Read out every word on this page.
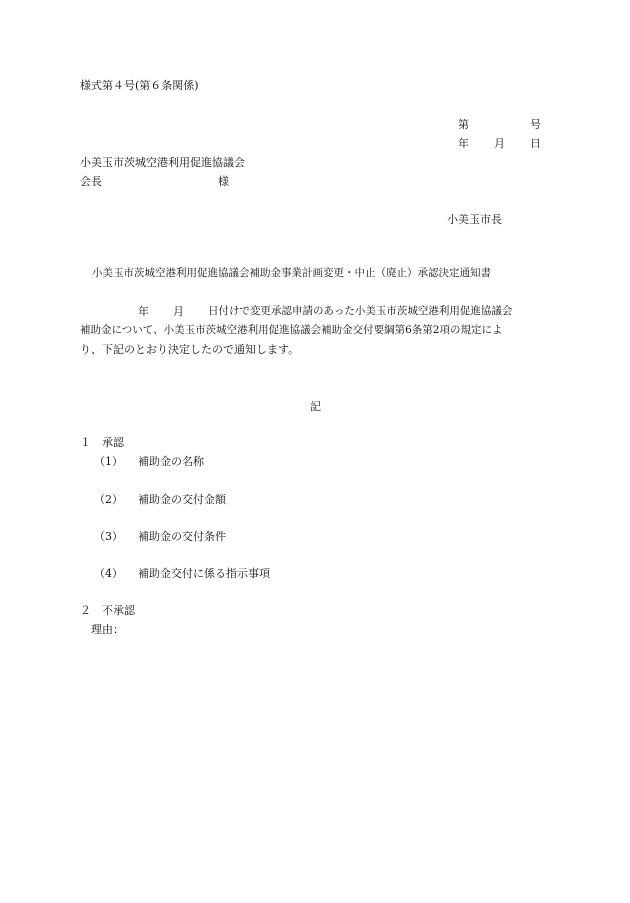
様式第４号(第６条関係)
第	号
年 月 日
小美玉市茨城空港利用促進協議会
会長	様
小美玉市長
小美玉市茨城空港利用促進協議会補助金事業計画変更・中止（廃止）承認決定通知書
年 月 日付けで変更承認申請のあった小美玉市茨城空港利用促進協議会
補助金について、小美玉市茨城空港利用促進協議会補助金交付要綱第6条第2項の規定によ
り、下記のとおり決定したので通知します。
記
１ 承認
（1） 補助金の名称
（2） 補助金の交付金額
（3） 補助金の交付条件
（4） 補助金交付に係る指示事項
２ 不承認
理由：
